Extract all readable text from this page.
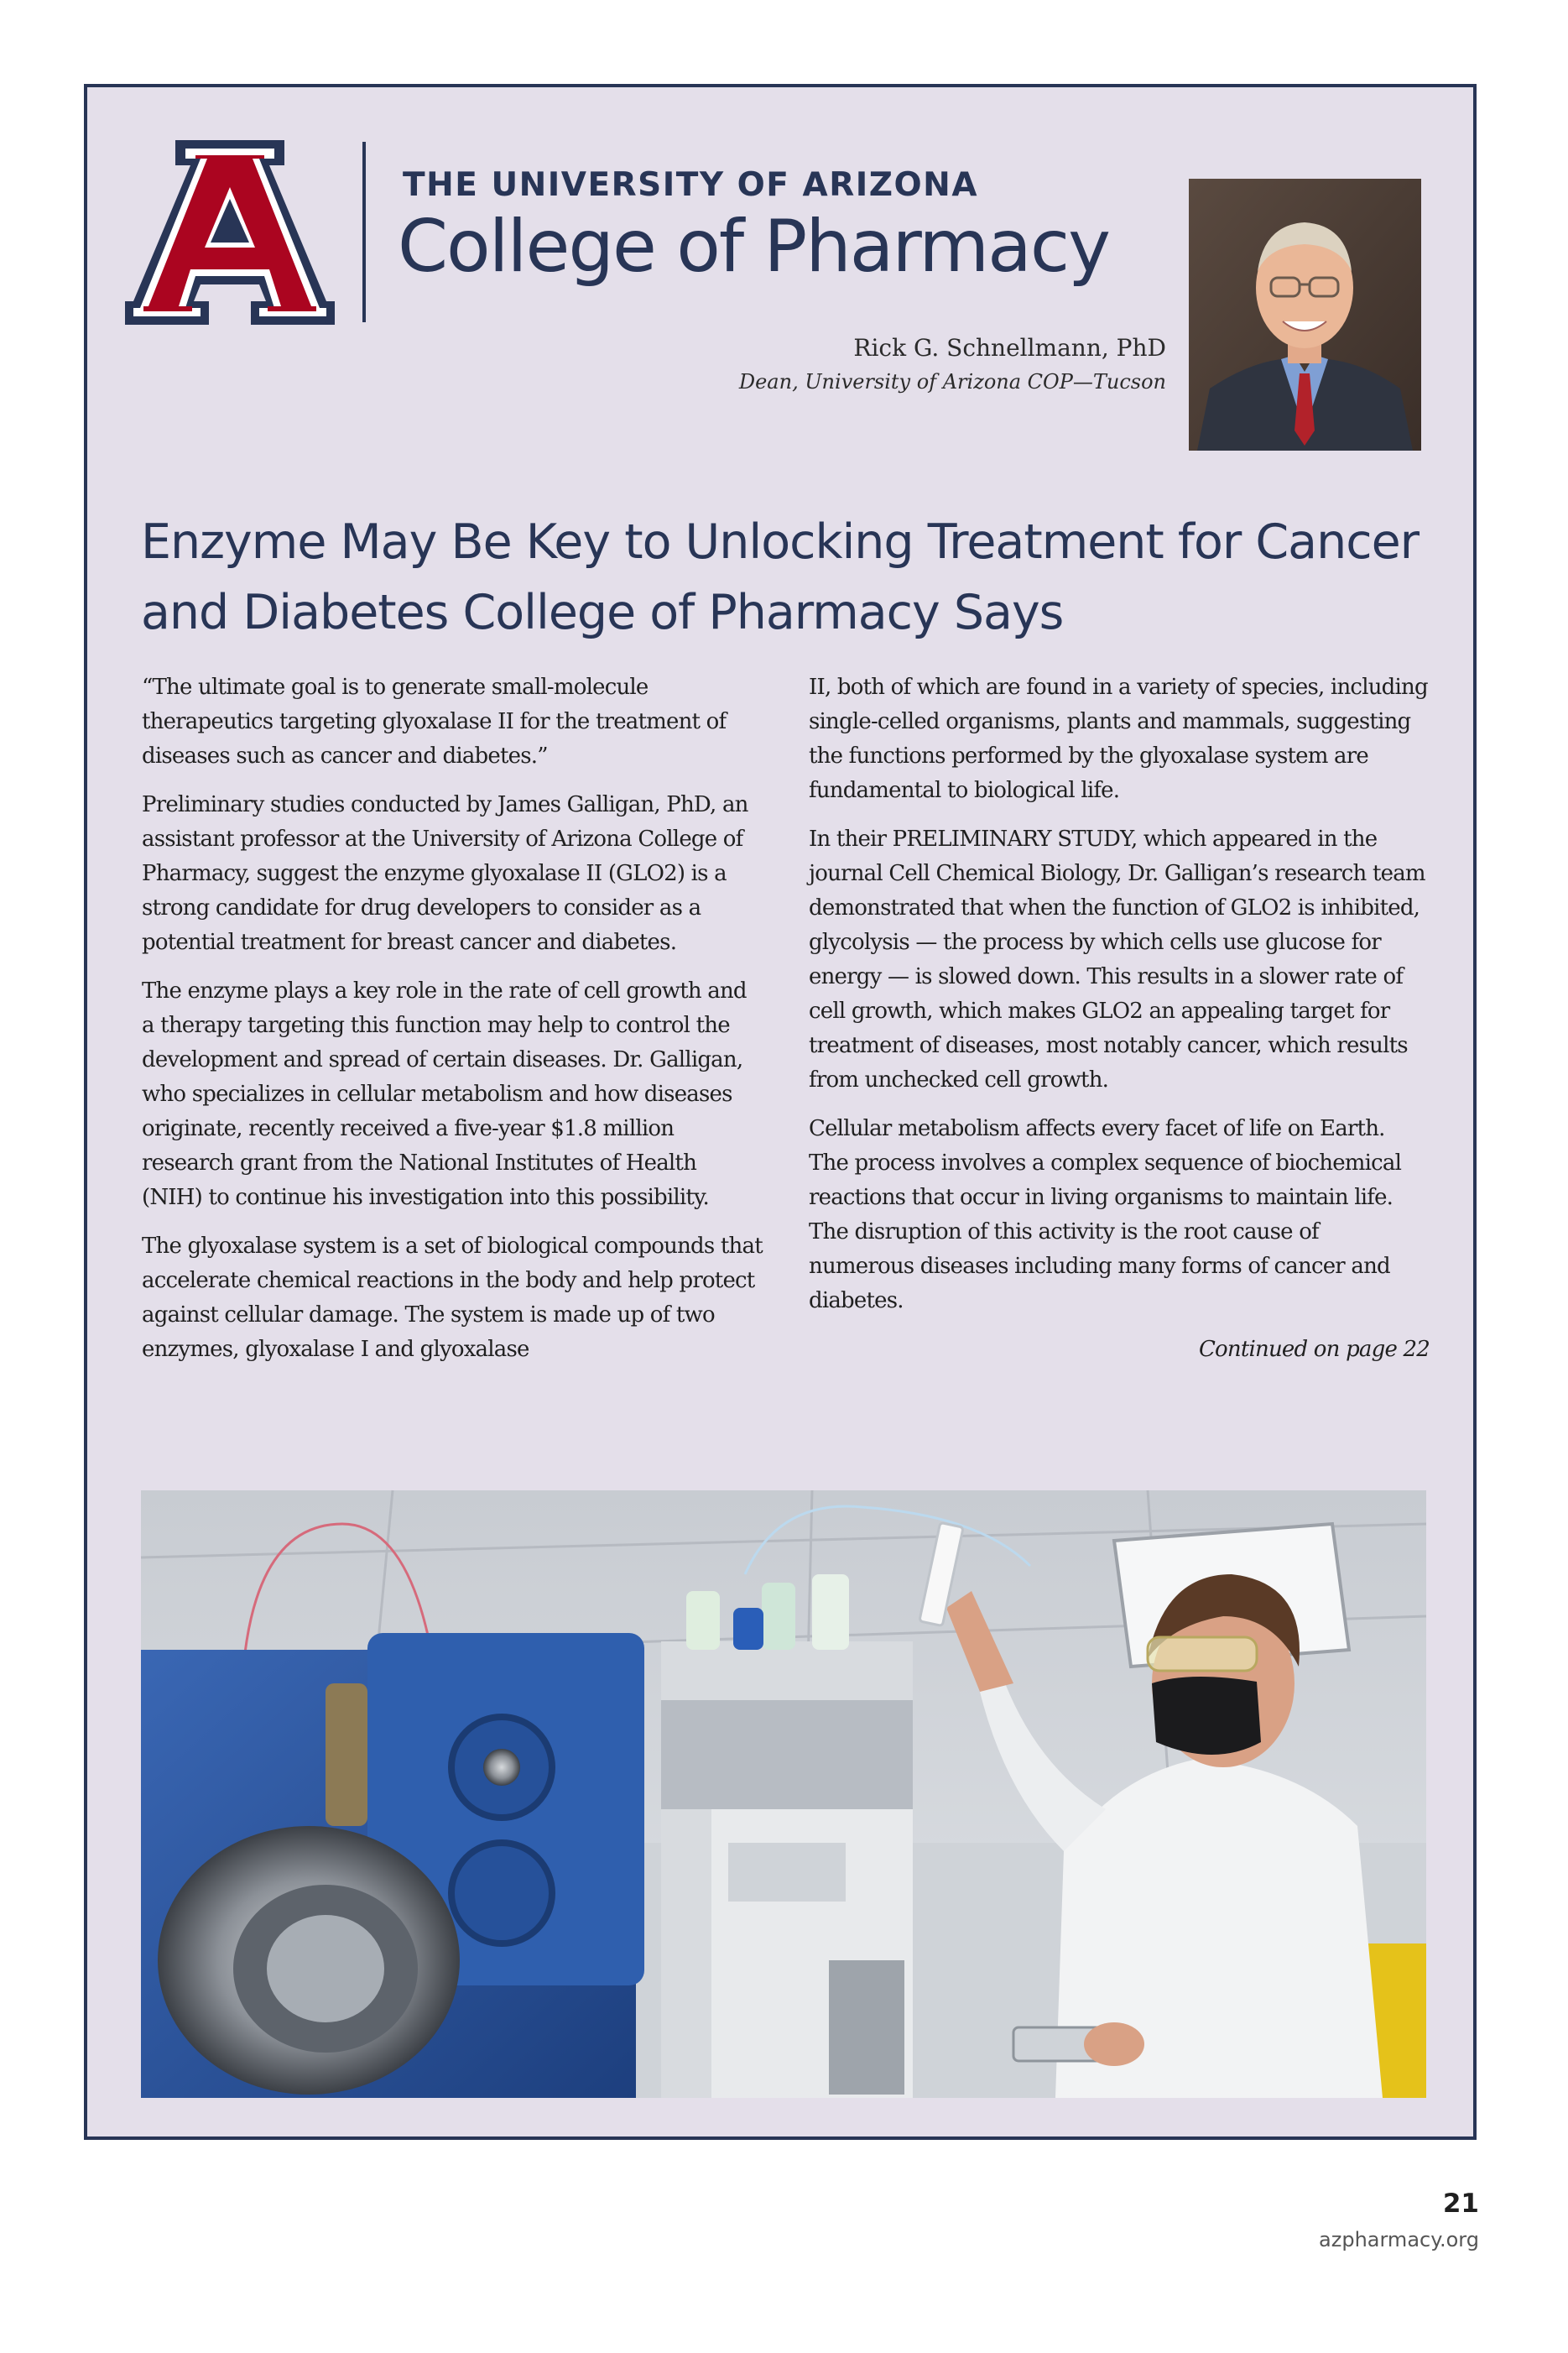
®
THE UNIVERSITY OF ARIZONA
College of Pharmacy
Rick G. Schnellmann, PhD
Dean, University of Arizona COP—Tucson
Enzyme May Be Key to Unlocking Treatment for Cancer and Diabetes College of Pharmacy Says

“The ultimate goal is to generate small-molecule therapeutics targeting glyoxalase II for the treatment of diseases such as cancer and diabetes.”

Preliminary studies conducted by James Galligan, PhD, an assistant professor at the University of Arizona College of Pharmacy, suggest the enzyme glyoxalase II (GLO2) is a strong candidate for drug developers to consider as a potential treatment for breast cancer and diabetes.

The enzyme plays a key role in the rate of cell growth and a therapy targeting this function may help to control the development and spread of certain diseases. Dr. Galligan, who specializes in cellular metabolism and how diseases originate, recently received a five-year $1.8 million research grant from the National Institutes of Health (NIH) to continue his investigation into this possibility.

The glyoxalase system is a set of biological compounds that accelerate chemical reactions in the body and help protect against cellular damage. The system is made up of two enzymes, glyoxalase I and glyoxalase

II, both of which are found in a variety of species, including single-celled organisms, plants and mammals, suggesting the functions performed by the glyoxalase system are fundamental to biological life.

In their PRELIMINARY STUDY, which appeared in the journal Cell Chemical Biology, Dr. Galligan’s research team demonstrated that when the function of GLO2 is inhibited, glycolysis — the process by which cells use glucose for energy — is slowed down. This results in a slower rate of cell growth, which makes GLO2 an appealing target for treatment of diseases, most notably cancer, which results from unchecked cell growth.

Cellular metabolism affects every facet of life on Earth. The process involves a complex sequence of biochemical reactions that occur in living organisms to maintain life. The disruption of this activity is the root cause of numerous diseases including many forms of cancer and diabetes.

Continued on page 22

21
azpharmacy.org
